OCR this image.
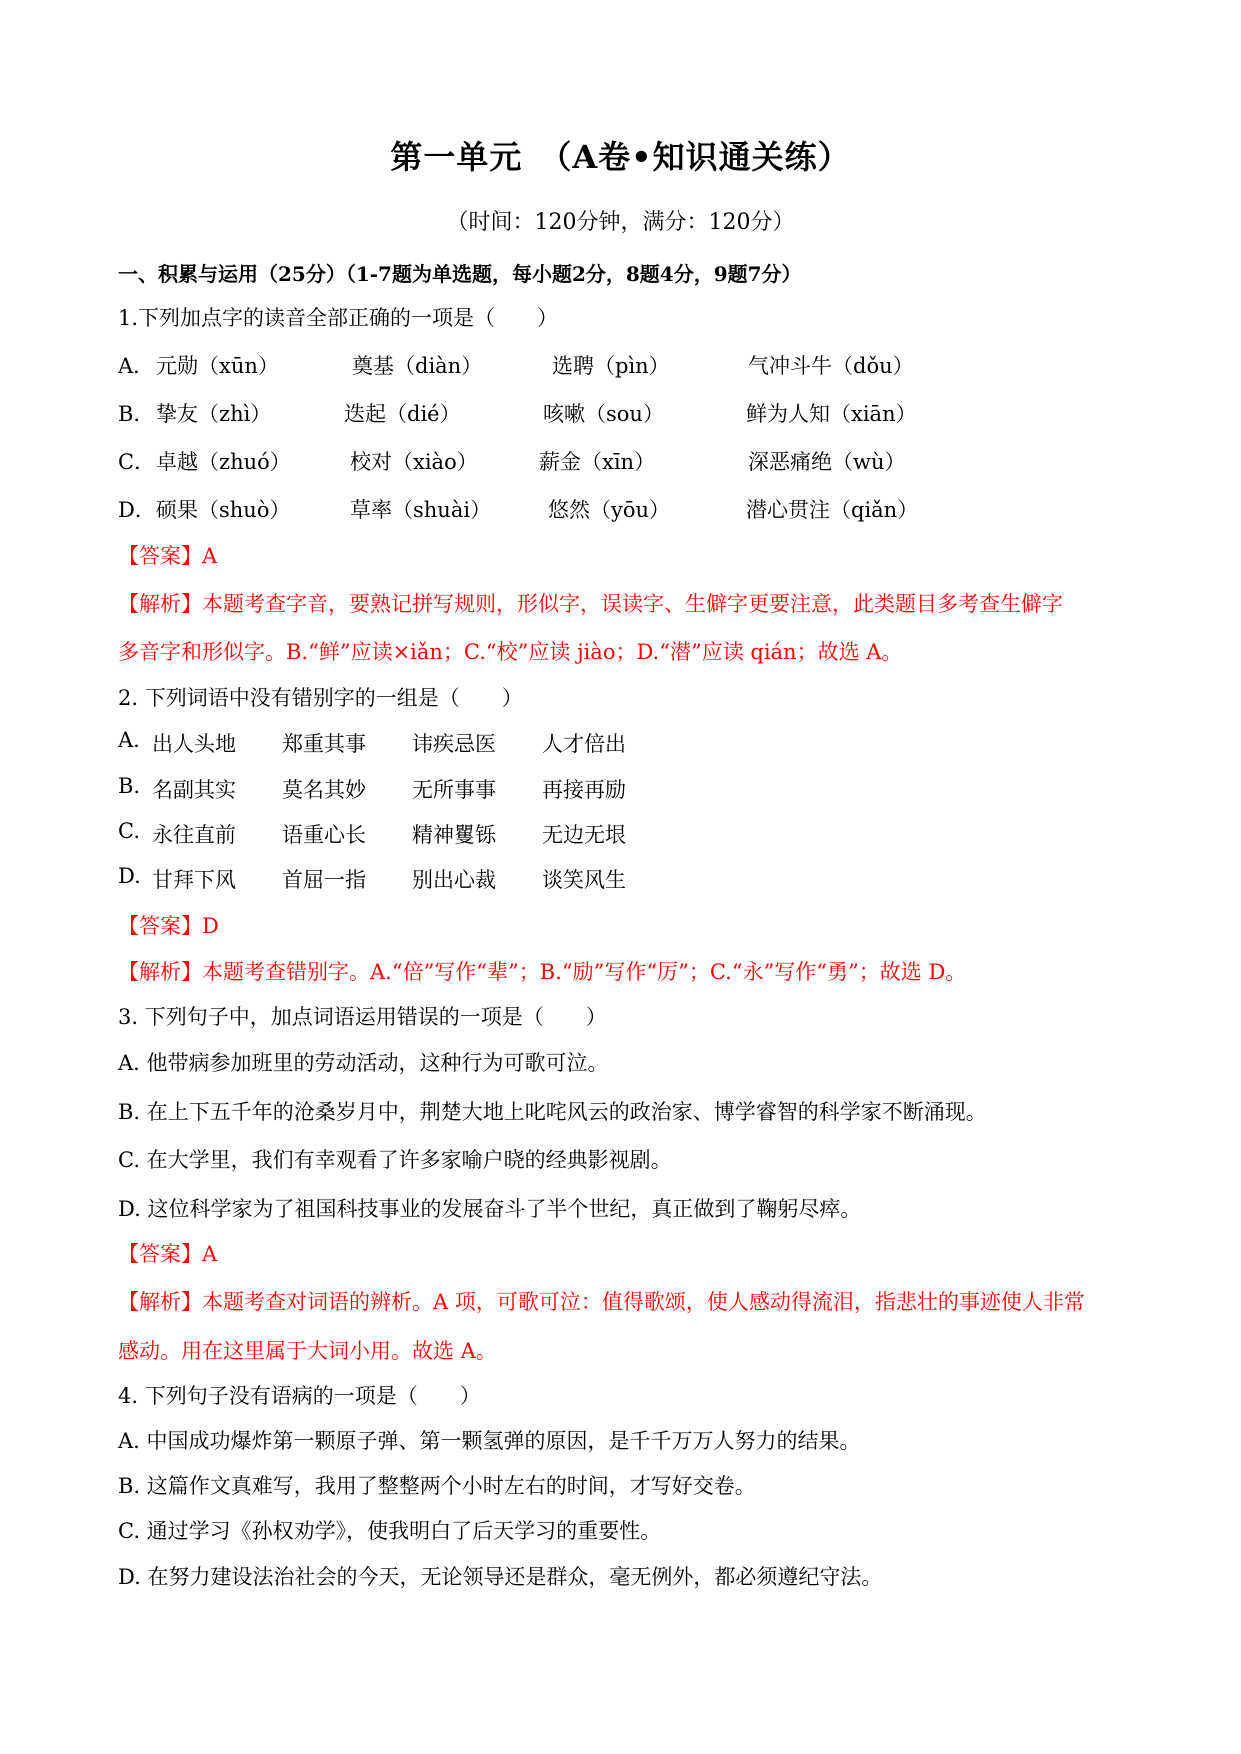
第一单元　（A卷•知识通关练）
（时间：120分钟，满分：120分）
一、积累与运用（25分）（1-7题为单选题，每小题2分，8题4分，9题7分）
1.下列加点字的读音全部正确的一项是（　　）
A． 元勋（xūn）	奠基（diàn）	选聘（pìn）	气冲斗牛（dǒu）
B． 挚友（zhì）	迭起（dié）	咳嗽（sou）	鲜为人知（xiān）
C． 卓越（zhuó）	校对（xiào）	薪金（xīn）	深恶痛绝（wù）
D． 硕果（shuò）	草率（shuài）	悠然（yōu）	潜心贯注（qiǎn）
【答案】A
【解析】本题考查字音，要熟记拼写规则，形似字，误读字、生僻字更要注意，此类题目多考查生僻字
多音字和形似字。B.“鲜”应读×iǎn；C.“校”应读 jiào；D.“潜”应读 qián；故选 A。
2. 下列词语中没有错别字的一组是（　　）
A. 出人头地 郑重其事 讳疾忌医 人才倍出
B. 名副其实 莫名其妙 无所事事 再接再励
C. 永往直前 语重心长 精神矍铄 无边无垠
D. 甘拜下风 首屈一指 别出心裁 谈笑风生
【答案】D
【解析】本题考查错别字。A.“倍”写作“辈”；B.“励”写作“厉”；C.“永”写作“勇”；故选 D。
3. 下列句子中，加点词语运用错误的一项是（　　）
A. 他带病参加班里的劳动活动，这种行为可歌可泣。
B. 在上下五千年的沧桑岁月中，荆楚大地上叱咤风云的政治家、博学睿智的科学家不断涌现。
C. 在大学里，我们有幸观看了许多家喻户晓的经典影视剧。
D. 这位科学家为了祖国科技事业的发展奋斗了半个世纪，真正做到了鞠躬尽瘁。
【答案】A
【解析】本题考查对词语的辨析。A 项，可歌可泣：值得歌颂，使人感动得流泪，指悲壮的事迹使人非常
感动。用在这里属于大词小用。故选 A。
4. 下列句子没有语病的一项是（　　）
A. 中国成功爆炸第一颗原子弹、第一颗氢弹的原因，是千千万万人努力的结果。
B. 这篇作文真难写，我用了整整两个小时左右的时间，才写好交卷。
C. 通过学习《孙权劝学》，使我明白了后天学习的重要性。
D. 在努力建设法治社会的今天，无论领导还是群众，毫无例外，都必须遵纪守法。
